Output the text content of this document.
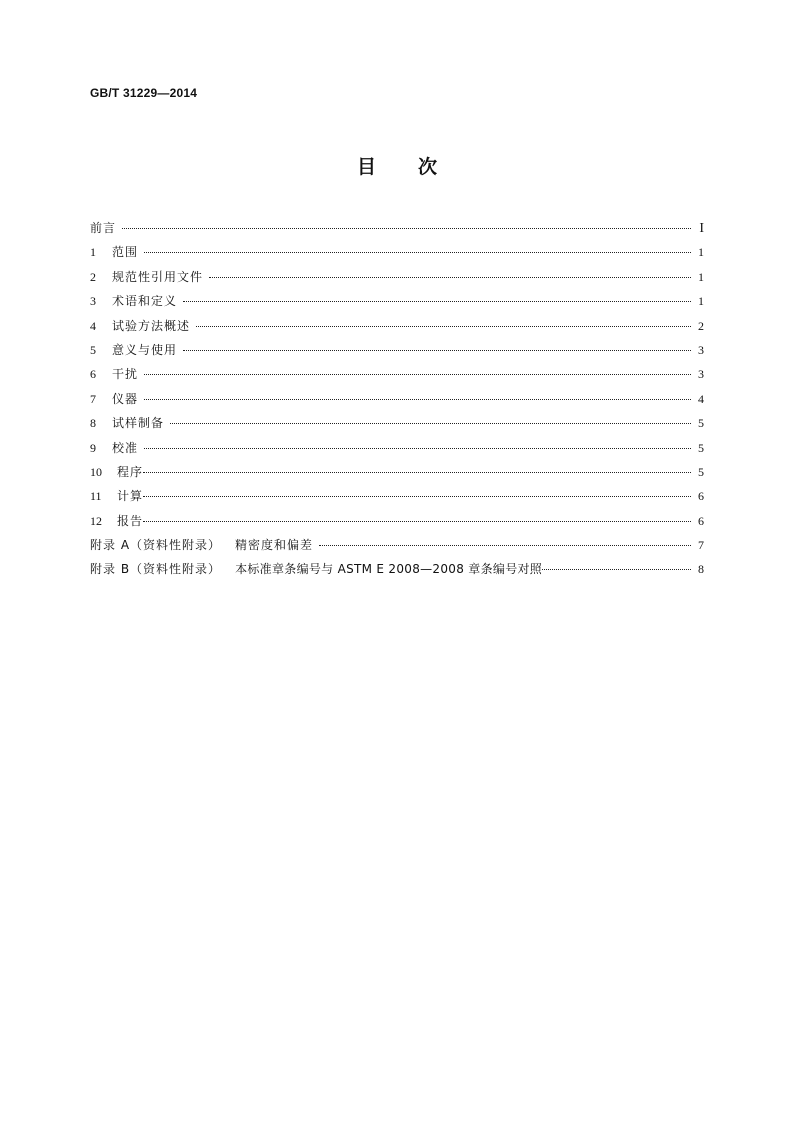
GB/T 31229—2014
目次
前言	I
1	范围	1
2	规范性引用文件	1
3	术语和定义	1
4	试验方法概述	2
5	意义与使用	3
6	干扰	3
7	仪器	4
8	试样制备	5
9	校准	5
10	程序	5
11	计算	6
12	报告	6
附录 A（资料性附录） 精密度和偏差	7
附录 B（资料性附录） 本标准章条编号与 ASTM E 2008—2008 章条编号对照	8
